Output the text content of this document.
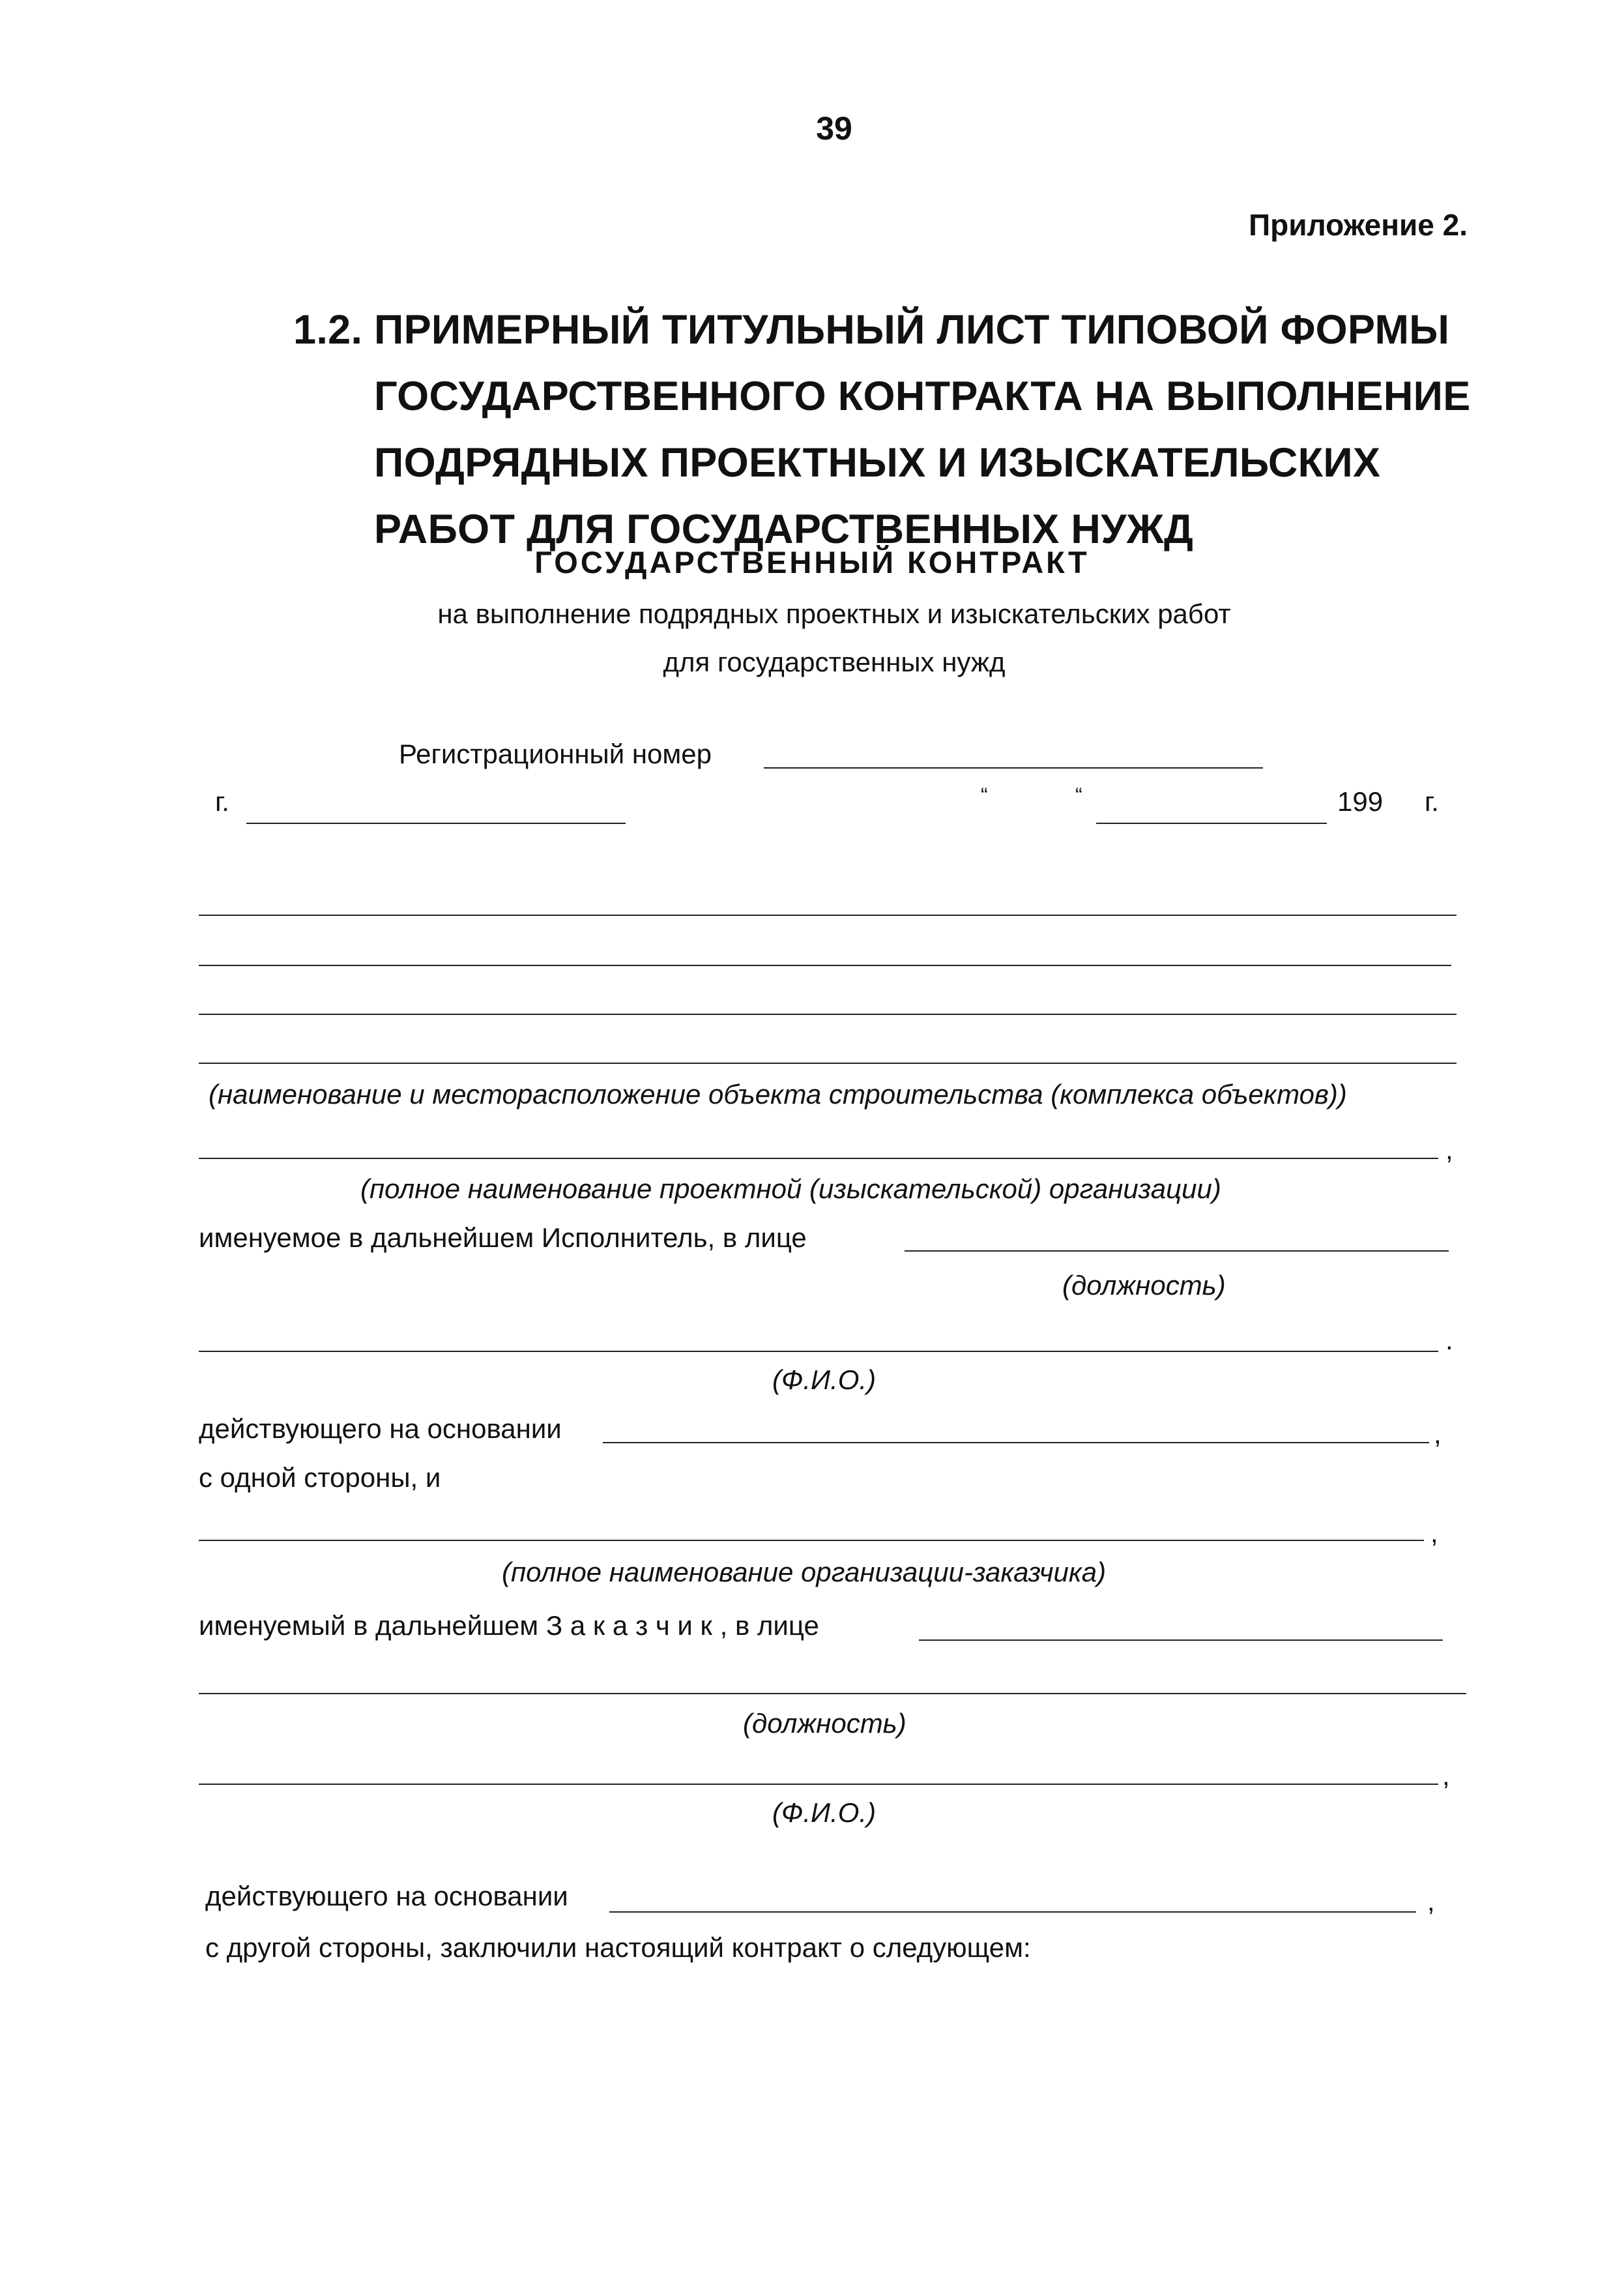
39
Приложение 2.
1.2. ПРИМЕРНЫЙ ТИТУЛЬНЫЙ ЛИСТ ТИПОВОЙ ФОРМЫ
ГОСУДАРСТВЕННОГО КОНТРАКТА НА ВЫПОЛНЕНИЕ
ПОДРЯДНЫХ ПРОЕКТНЫХ И ИЗЫСКАТЕЛЬСКИХ
РАБОТ ДЛЯ ГОСУДАРСТВЕННЫХ НУЖД
ГОСУДАРСТВЕННЫЙ КОНТРАКТ
на выполнение подрядных проектных и изыскательских работ
для государственных нужд
Регистрационный номер
г.	“	“	199 г.
(наименование и месторасположение объекта строительства (комплекса объектов))
,
(полное наименование проектной (изыскательской) организации)
именуемое в дальнейшем Исполнитель, в лице
(должность)
.
(Ф.И.О.)
действующего на основании	,
с одной стороны, и
,
(полное наименование организации-заказчика)
именуемый в дальнейшем З а к а з ч и к , в лице
(должность)
,
(Ф.И.О.)
действующего на основании	,
с другой стороны, заключили настоящий контракт о следующем:
